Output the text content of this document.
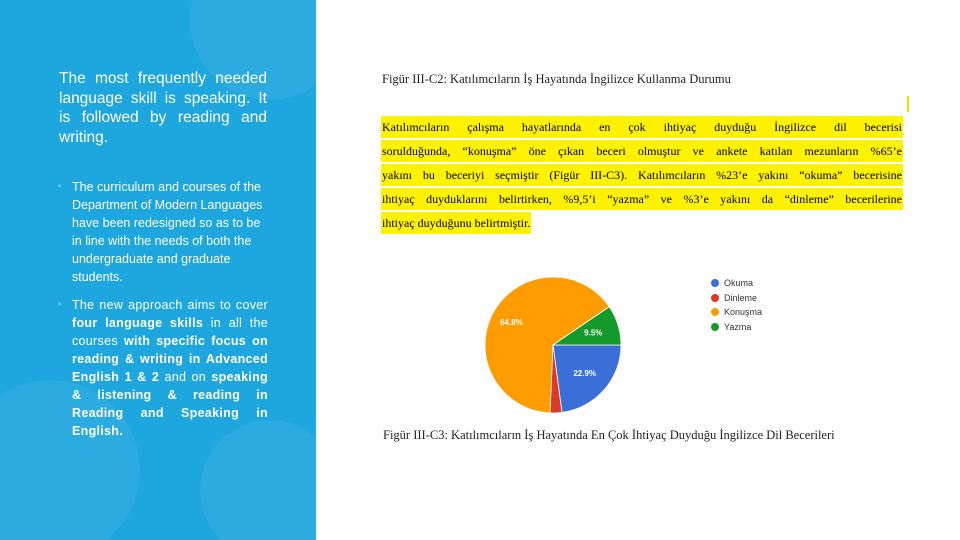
The most frequently needed language skill is speaking. It is followed by reading and writing.
◦ The curriculum and courses of the Department of Modern Languages have been redesigned so as to be in line with the needs of both the undergraduate and graduate students.
◦ The new approach aims to cover four language skills in all the courses with specific focus on reading & writing in Advanced English 1 & 2 and on speaking & listening & reading in Reading and Speaking in English.
Figür III-C2: Katılımcıların İş Hayatında İngilizce Kullanma Durumu
Katılımcıların çalışma hayatlarında en çok ihtiyaç duyduğu İngilizce dil becerisi
sorulduğunda, “konuşma” öne çıkan beceri olmuştur ve ankete katılan mezunların %65’e
yakını bu beceriyi seçmiştir (Figür III-C3). Katılımcıların %23’e yakını “okuma” becerisine
ihtiyaç duyduklarını belirtirken, %9,5’i “yazma” ve %3’e yakını da “dinleme” becerilerine
ihtiyaç duyduğunu belirtmiştir.
22.9%
64.8%
9.5%
Okuma
Dinleme
Konuşma
Yazma
Figür III-C3: Katılımcıların İş Hayatında En Çok İhtiyaç Duyduğu İngilizce Dil Becerileri
